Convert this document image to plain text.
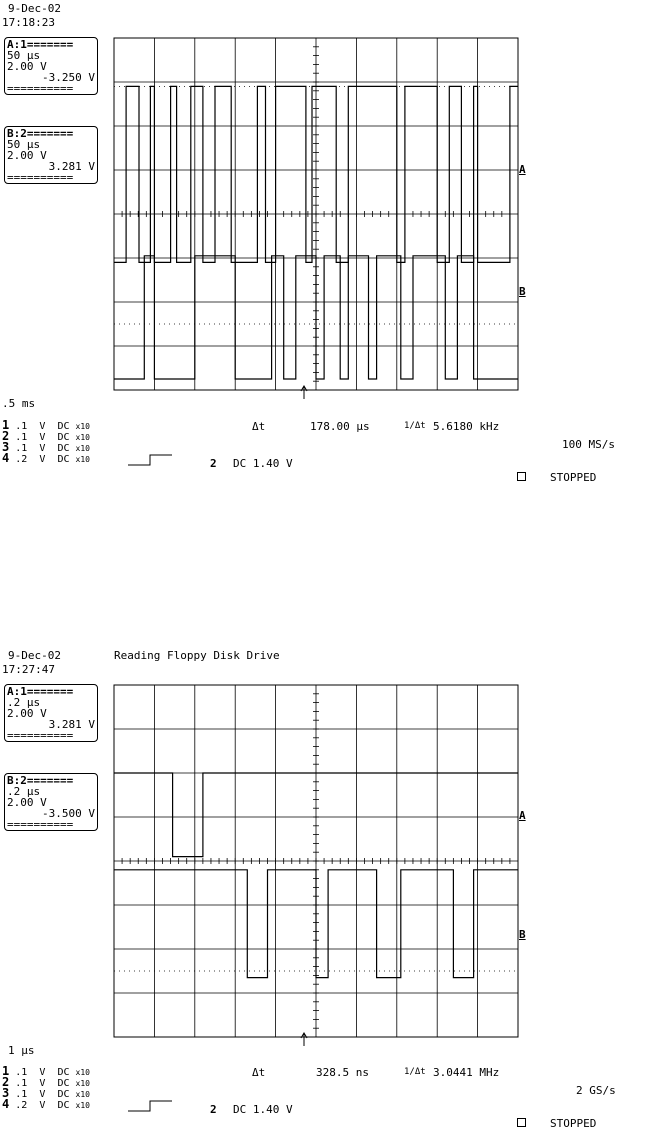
9-Dec-02
17:18:23
A:1=======
50 µs
2.00 V
-3.250 V
==========
B:2=======
50 µs
2.00 V
3.281 V
==========
A
B
.5 ms
1 .1 V DC x10
2 .1 V DC x10
3 .1 V DC x10
4 .2 V DC x10
Δt	178.00 µs	1/Δt 5.6180 kHz
100 MS/s
2 DC 1.40 V
STOPPED
9-Dec-02
17:27:47
Reading Floppy Disk Drive
A:1=======
.2 µs
2.00 V
3.281 V
==========
B:2=======
.2 µs
2.00 V
-3.500 V
==========
A
B
1 µs
1 .1 V DC x10
2 .1 V DC x10
3 .1 V DC x10
4 .2 V DC x10
Δt	328.5 ns	1/Δt 3.0441 MHz
2 GS/s
2 DC 1.40 V
STOPPED
